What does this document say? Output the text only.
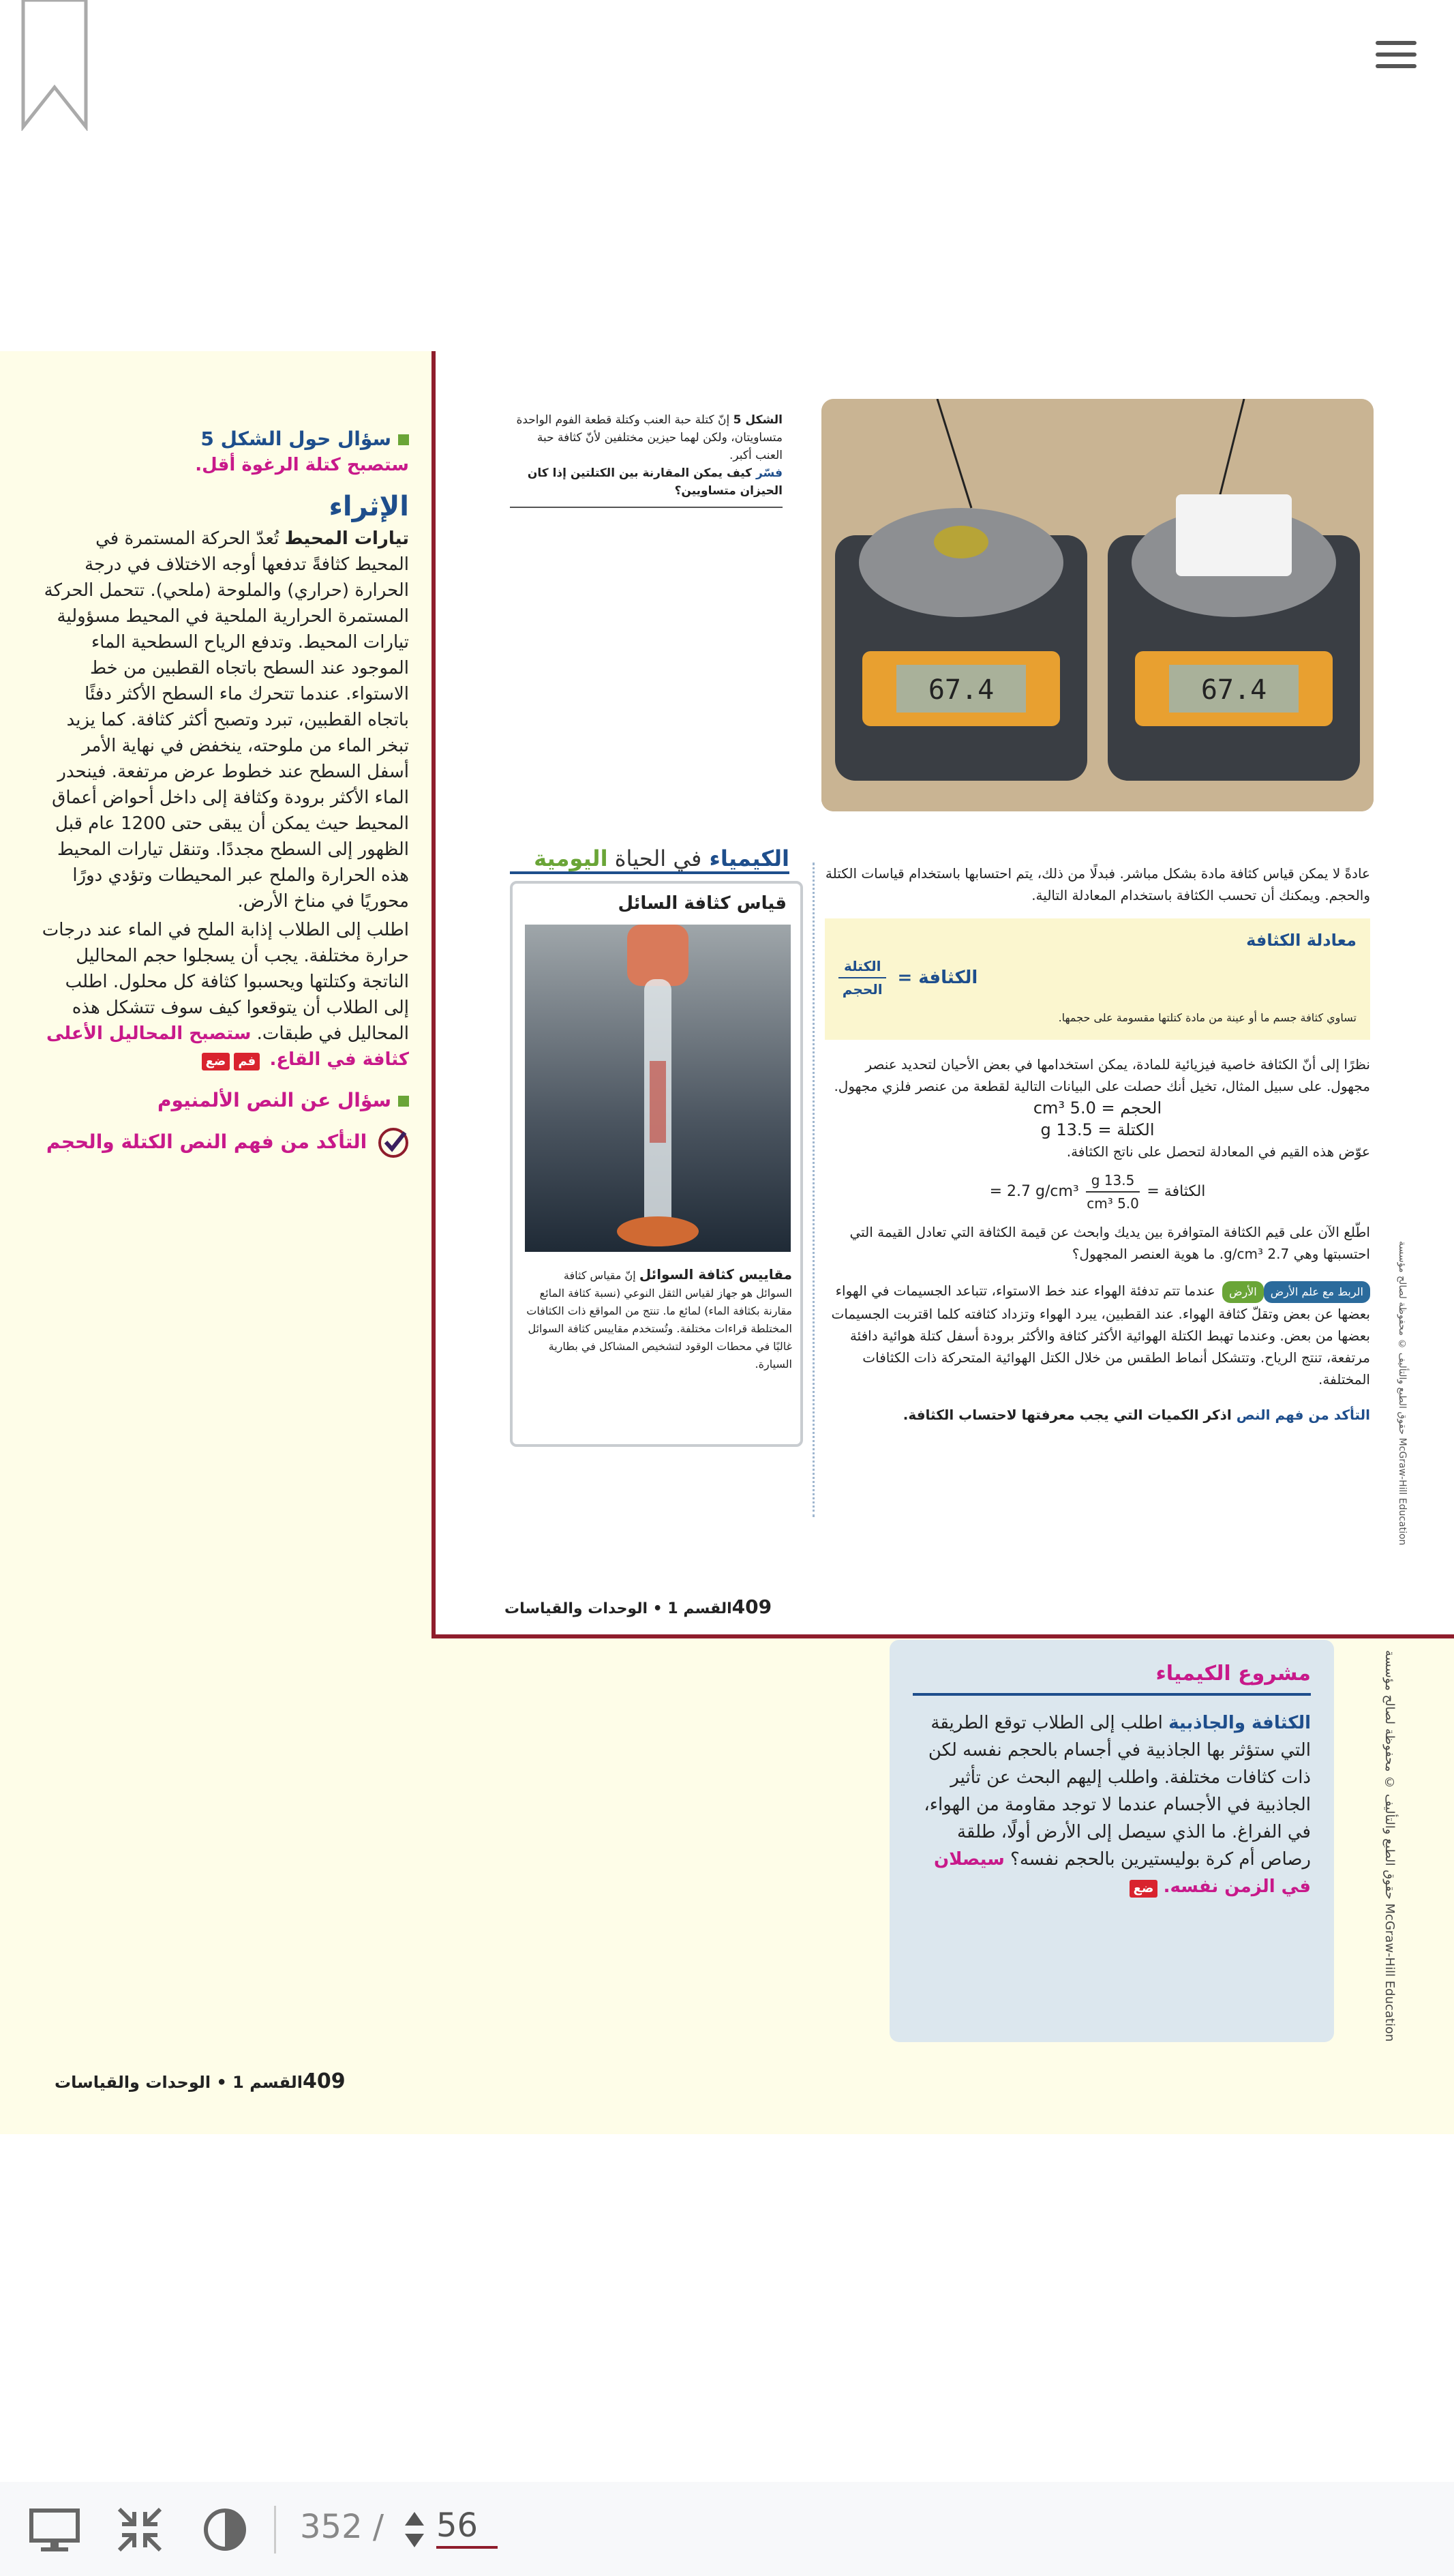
سؤال حول الشكل 5
ستصبح كتلة الرغوة أقل.
الإثراء

تيارات المحيط تُعدّ الحركة المستمرة في المحيط كثافةً تدفعها أوجه الاختلاف في درجة الحرارة (حراري) والملوحة (ملحي). تتحمل الحركة المستمرة الحرارية الملحية في المحيط مسؤولية تيارات المحيط. وتدفع الرياح السطحية الماء الموجود عند السطح باتجاه القطبين من خط الاستواء. عندما تتحرك ماء السطح الأكثر دفئًا باتجاه القطبين، تبرد وتصبح أكثر كثافة. كما يزيد تبخر الماء من ملوحته، ينخفض في نهاية الأمر أسفل السطح عند خطوط عرض مرتفعة. فينحدر الماء الأكثر برودة وكثافة إلى داخل أحواض أعماق المحيط حيث يمكن أن يبقى حتى 1200 عام قبل الظهور إلى السطح مجددًا. وتنقل تيارات المحيط هذه الحرارة والملح عبر المحيطات وتؤدي دورًا محوريًا في مناخ الأرض.

اطلب إلى الطلاب إذابة الملح في الماء عند درجات حرارة مختلفة. يجب أن يسجلوا حجم المحاليل الناتجة وكتلتها ويحسبوا كثافة كل محلول. اطلب إلى الطلاب أن يتوقعوا كيف سوف تتشكل هذه المحاليل في طبقات. ستصبح المحاليل الأعلى كثافة في القاع. فمضع

سؤال عن النص الألمنيوم
التأكد من فهم النص الكتلة والحجم
67.4	67.4
الشكل 5 إنّ كتلة حبة العنب وكتلة قطعة الفوم الواحدة متساويتان، ولكن لهما حيزين مختلفين لأنّ كثافة حبة العنب أكبر.
فسّر كيف يمكن المقارنة بين الكتلتين إذا كان الحيزان متساويين؟
الكيمياء في الحياة اليومية
قياس كثافة السائل
مقاييس كثافة السوائل إنّ مقياس كثافة السوائل هو جهاز لقياس الثقل النوعي (نسبة كثافة المائع مقارنة بكثافة الماء) لمائع ما. تنتج من المواقع ذات الكثافات المختلطة قراءات مختلفة. وتُستخدم مقاييس كثافة السوائل غالبًا في محطات الوقود لتشخيص المشاكل في بطارية السيارة.

عادةً لا يمكن قياس كثافة مادة بشكل مباشر. فبدلًا من ذلك، يتم احتسابها باستخدام قياسات الكتلة والحجم. ويمكنك أن تحسب الكثافة باستخدام المعادلة التالية.

معادلة الكثافة
الكثافة =
$\frac{\text{الكتلة}}{\text{الحجم}}$
تساوي كثافة جسم ما أو عينة من مادة كتلتها مقسومة على حجمها.

نظرًا إلى أنّ الكثافة خاصية فيزيائية للمادة، يمكن استخدامها في بعض الأحيان لتحديد عنصر مجهول. على سبيل المثال، تخيل أنك حصلت على البيانات التالية لقطعة من عنصر فلزي مجهول.

الحجم = 5.0 cm³
الكتلة = 13.5 g

عوّض هذه القيم في المعادلة لتحصل على ناتج الكثافة.

الكثافة =
$\frac{13.5 g}{\text{5.0 cm³}}$
= 2.7 g/cm³

اطّلع الآن على قيم الكثافة المتوافرة بين يديك وابحث عن قيمة الكثافة التي تعادل القيمة التي احتسبتها وهي 2.7 g/cm³. ما هوية العنصر المجهول؟

الربط مع علم الأرضالأرض عندما تتم تدفئة الهواء عند خط الاستواء، تتباعد الجسيمات في الهواء بعضها عن بعض وتقلّ كثافة الهواء. عند القطبين، يبرد الهواء وتزداد كثافته كلما اقتربت الجسيمات بعضها من بعض. وعندما تهبط الكتلة الهوائية الأكثر كثافة والأكثر برودة أسفل كتلة هوائية دافئة مرتفعة، تنتج الرياح. وتتشكل أنماط الطقس من خلال الكتل الهوائية المتحركة ذات الكثافات المختلفة.

التأكد من فهم النص اذكر الكميات التي يجب معرفتها لاحتساب الكثافة.	حقوق الطبع والتأليف © محفوظة لصالح مؤسسة McGraw-Hill Education
409القسم 1 • الوحدات والقياسات
مشروع الكيمياء

الكثافة والجاذبية اطلب إلى الطلاب توقع الطريقة التي ستؤثر بها الجاذبية في أجسام بالحجم نفسه لكن ذات كثافات مختلفة. واطلب إليهم البحث عن تأثير الجاذبية في الأجسام عندما لا توجد مقاومة من الهواء، في الفراغ. ما الذي سيصل إلى الأرض أولًا، طلقة رصاص أم كرة بوليستيرين بالحجم نفسه؟ سيصلان في الزمن نفسه. ضع	حقوق الطبع والتأليف © محفوظة لصالح مؤسسة McGraw-Hill Education
409القسم 1 • الوحدات والقياسات
352 /
56
